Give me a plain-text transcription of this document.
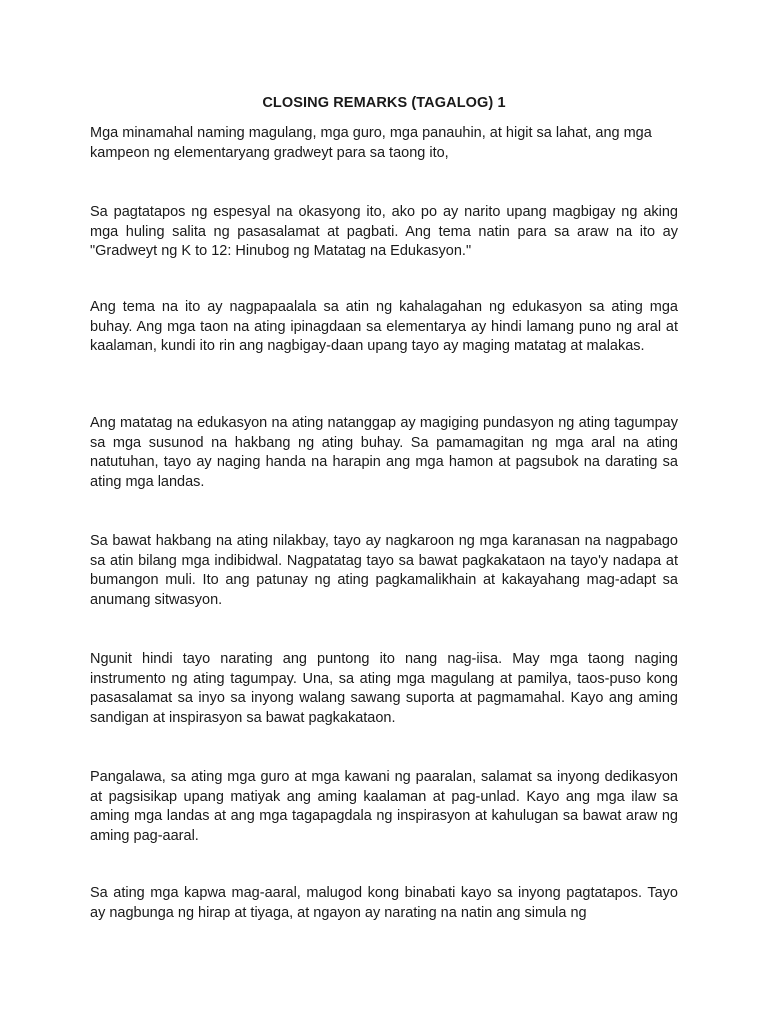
CLOSING REMARKS (TAGALOG) 1

Mga minamahal naming magulang, mga guro, mga panauhin, at higit sa lahat, ang mga kampeon ng elementaryang gradweyt para sa taong ito,

Sa pagtatapos ng espesyal na okasyong ito, ako po ay narito upang magbigay ng aking mga huling salita ng pasasalamat at pagbati. Ang tema natin para sa araw na ito ay "Gradweyt ng K to 12: Hinubog ng Matatag na Edukasyon."

Ang tema na ito ay nagpapaalala sa atin ng kahalagahan ng edukasyon sa ating mga buhay. Ang mga taon na ating ipinagdaan sa elementarya ay hindi lamang puno ng aral at kaalaman, kundi ito rin ang nagbigay-daan upang tayo ay maging matatag at malakas.

Ang matatag na edukasyon na ating natanggap ay magiging pundasyon ng ating tagumpay sa mga susunod na hakbang ng ating buhay. Sa pamamagitan ng mga aral na ating natutuhan, tayo ay naging handa na harapin ang mga hamon at pagsubok na darating sa ating mga landas.

Sa bawat hakbang na ating nilakbay, tayo ay nagkaroon ng mga karanasan na nagpabago sa atin bilang mga indibidwal. Nagpatatag tayo sa bawat pagkakataon na tayo'y nadapa at bumangon muli. Ito ang patunay ng ating pagkamalikhain at kakayahang mag-adapt sa anumang sitwasyon.

Ngunit hindi tayo narating ang puntong ito nang nag-iisa. May mga taong naging instrumento ng ating tagumpay. Una, sa ating mga magulang at pamilya, taos-puso kong pasasalamat sa inyo sa inyong walang sawang suporta at pagmamahal. Kayo ang aming sandigan at inspirasyon sa bawat pagkakataon.

Pangalawa, sa ating mga guro at mga kawani ng paaralan, salamat sa inyong dedikasyon at pagsisikap upang matiyak ang aming kaalaman at pag-unlad. Kayo ang mga ilaw sa aming mga landas at ang mga tagapagdala ng inspirasyon at kahulugan sa bawat araw ng aming pag-aaral.

Sa ating mga kapwa mag-aaral, malugod kong binabati kayo sa inyong pagtatapos. Tayo ay nagbunga ng hirap at tiyaga, at ngayon ay narating na natin ang simula ng
